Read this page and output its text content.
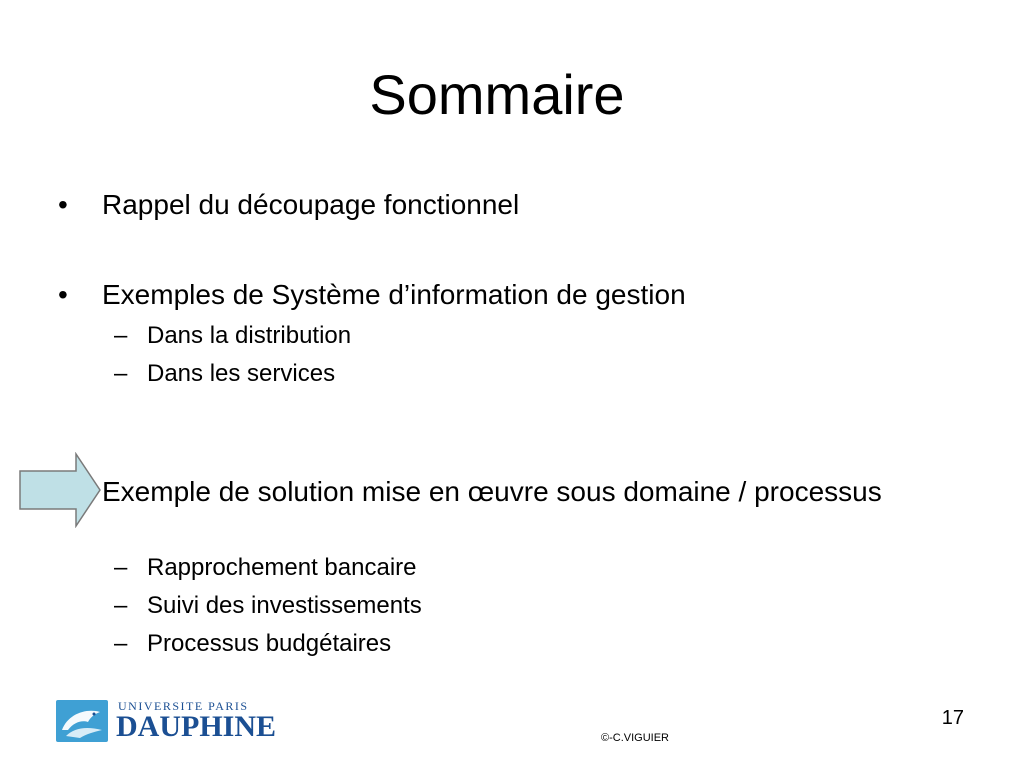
Sommaire
• Rappel du découpage fonctionnel
• Exemples de Système d’information de gestion
– Dans la distribution
– Dans les services
Exemple de solution mise en œuvre sous domaine / processus
– Rapprochement bancaire
– Suivi des investissements
– Processus budgétaires
UNIVERSITE PARIS
DAUPHINE	17
©-C.VIGUIER
